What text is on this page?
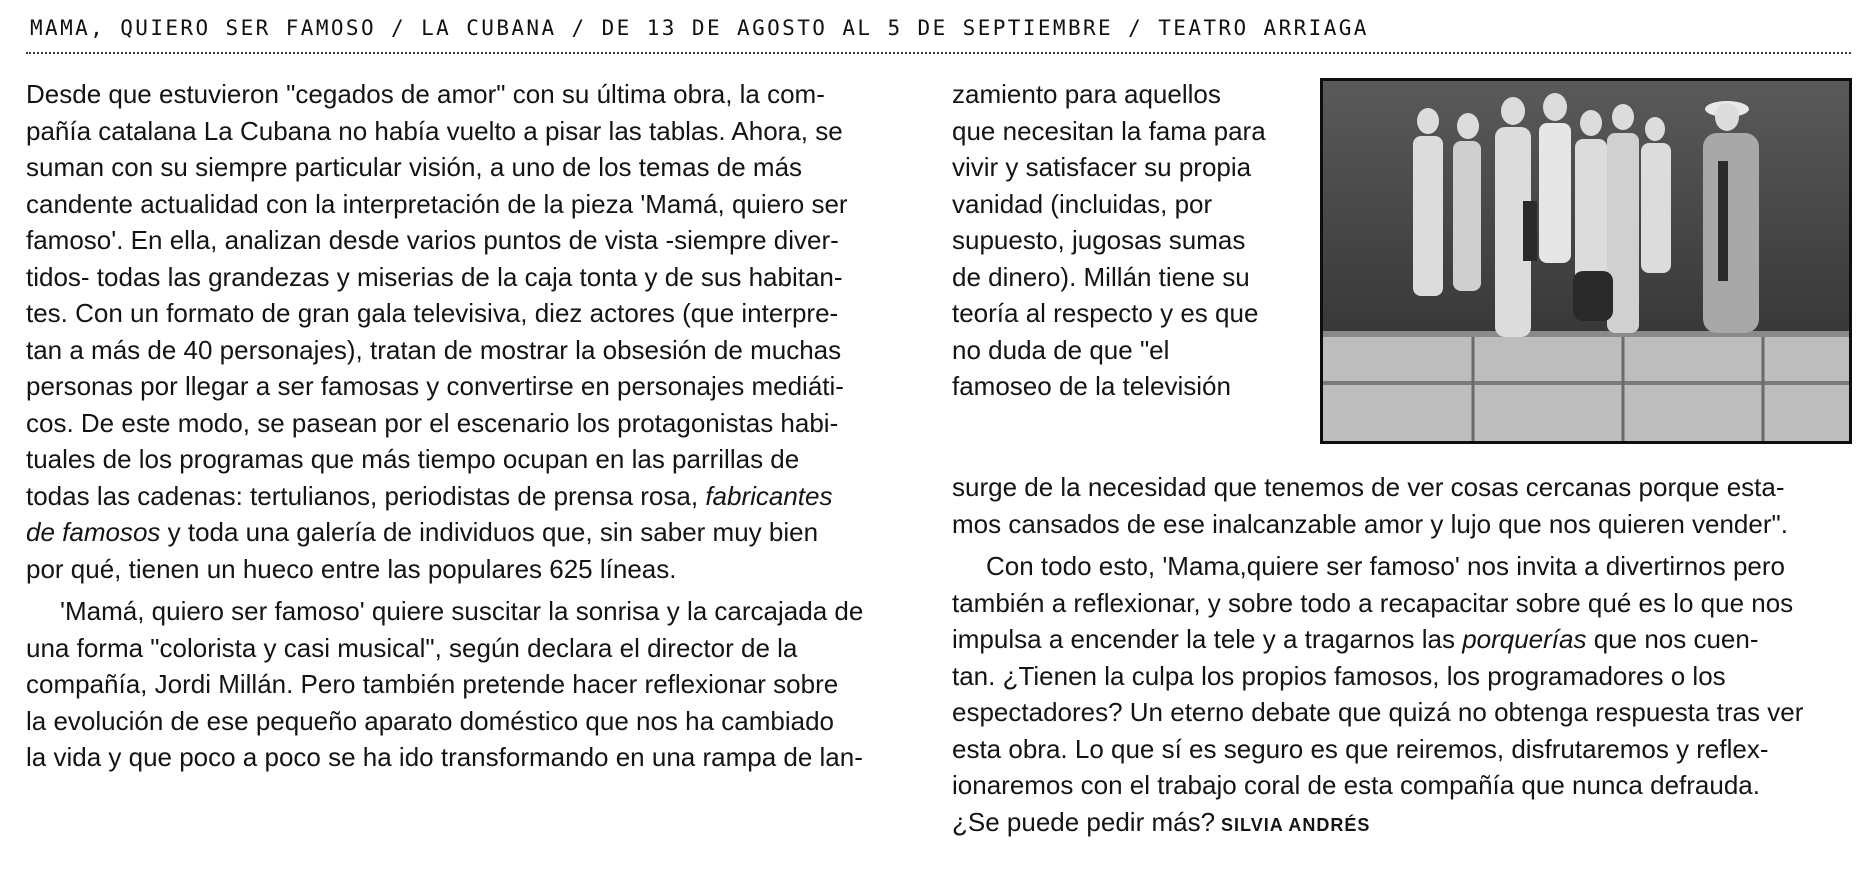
MAMA, QUIERO SER FAMOSO / LA CUBANA / DE 13 DE AGOSTO AL 5 DE SEPTIEMBRE / TEATRO ARRIAGA
Desde que estuvieron "cegados de amor" con su última obra, la com-
pañía catalana La Cubana no había vuelto a pisar las tablas. Ahora, se
suman con su siempre particular visión, a uno de los temas de más
candente actualidad con la interpretación de la pieza 'Mamá, quiero ser
famoso'. En ella, analizan desde varios puntos de vista -siempre diver-
tidos- todas las grandezas y miserias de la caja tonta y de sus habitan-
tes. Con un formato de gran gala televisiva, diez actores (que interpre-
tan a más de 40 personajes), tratan de mostrar la obsesión de muchas
personas por llegar a ser famosas y convertirse en personajes mediáti-
cos. De este modo, se pasean por el escenario los protagonistas habi-
tuales de los programas que más tiempo ocupan en las parrillas de
todas las cadenas: tertulianos, periodistas de prensa rosa, fabricantes
de famosos y toda una galería de individuos que, sin saber muy bien
por qué, tienen un hueco entre las populares 625 líneas.
'Mamá, quiero ser famoso' quiere suscitar la sonrisa y la carcajada de
una forma "colorista y casi musical", según declara el director de la
compañía, Jordi Millán. Pero también pretende hacer reflexionar sobre
la evolución de ese pequeño aparato doméstico que nos ha cambiado
la vida y que poco a poco se ha ido transformando en una rampa de lan-
zamiento para aquellos
que necesitan la fama para
vivir y satisfacer su propia
vanidad (incluidas, por
supuesto, jugosas sumas
de dinero). Millán tiene su
teoría al respecto y es que
no duda de que "el
famoseo de la televisión
surge de la necesidad que tenemos de ver cosas cercanas porque esta-
mos cansados de ese inalcanzable amor y lujo que nos quieren vender".
Con todo esto, 'Mama,quiere ser famoso' nos invita a divertirnos pero
también a reflexionar, y sobre todo a recapacitar sobre qué es lo que nos
impulsa a encender la tele y a tragarnos las porquerías que nos cuen-
tan. ¿Tienen la culpa los propios famosos, los programadores o los
espectadores? Un eterno debate que quizá no obtenga respuesta tras ver
esta obra. Lo que sí es seguro es que reiremos, disfrutaremos y reflex-
ionaremos con el trabajo coral de esta compañía que nunca defrauda.
¿Se puede pedir más? SILVIA ANDRÉS
